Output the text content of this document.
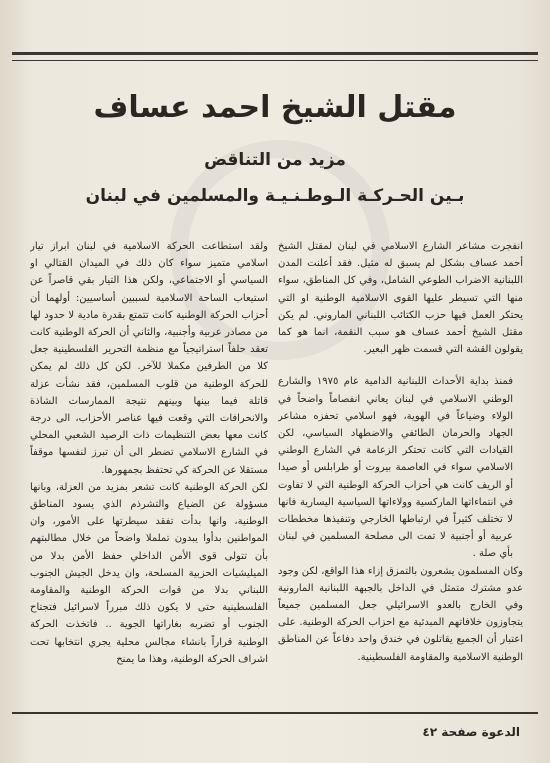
مقتل الشيخ احمد عساف
مزيد من التناقض
بـين الحـركـة الـوطـنـيـة والمسلمين في لبنان

انفجرت مشاعر الشارع الاسلامي في لبنان لمقتل الشيخ أحمد عساف بشكل لم يسبق له مثيل. فقد أعلنت المدن اللبنانية الاضراب الطوعي الشامل، وفي كل المناطق، سواء منها التي تسيطر عليها القوى الاسلامية الوطنية او التي يحتكر العمل فيها حزب الكتائب اللبناني الماروني. لم يكن مقتل الشيخ أحمد عساف هو سبب النقمة، انما هو كما يقولون القشة التي قسمت ظهر البعير.

فمنذ بداية الأحداث اللبنانية الدامية عام ١٩٧٥ والشارع الوطني الاسلامي في لبنان يعاني انفصاماً واضحاً في الولاء وضياعاً في الهوية، فهو اسلامي تحفزه مشاعر الجهاد والحرمان الطائفي والاضطهاد السياسي، لكن القيادات التي كانت تحتكر الزعامة في الشارع الوطني الاسلامي سواء في العاصمة بيروت أو طرابلس أو صيدا أو الريف كانت هي أحزاب الحركة الوطنية التي لا تفاوت في انتماءاتها الماركسية وولاءاتها السياسية اليسارية فانها لا تختلف كثيراً في ارتباطها الخارجي وتنفيذها مخططات عربية أو أجنبية لا تمت الى مصلحة المسلمين في لبنان بأي صلة .

وكان المسلمون يشعرون بالتمزق إزاء هذا الواقع، لكن وجود عدو مشترك متمثل في الداخل بالجبهة اللبنانية المارونية وفي الخارج بالعدو الاسرائيلي جعل المسلمين جميعاً يتجاوزون خلافاتهم المبدئية مع احزاب الحركة الوطنية. على اعتبار أن الجميع يقاتلون في خندق واحد دفاعاً عن المناطق الوطنية الاسلامية والمقاومة الفلسطينية.

ولقد استطاعت الحركة الاسلامية في لبنان ابراز تيار اسلامي متميز سواء كان ذلك في الميدان القتالي او السياسي أو الاجتماعي، ولكن هذا التيار بقي قاصراً عن استيعاب الساحة الاسلامية لسببين أساسيين: أولهما أن أحزاب الحركة الوطنية كانت تتمتع بقدرة مادية لا حدود لها من مصادر عربية وأجنبية، والثاني أن الحركة الوطنية كانت تعقد حلفاً استراتيجياً مع منظمة التحرير الفلسطينية جعل كلا من الطرفين مكملا للآخر. لكن كل ذلك لم يمكن للحركة الوطنية من قلوب المسلمين، فقد نشأت عزلة قاتلة فيما بينها وبينهم نتيجة الممارسات الشاذة والانحرافات التي وقعت فيها عناصر الأحزاب، الى درجة كانت معها بعض التنظيمات ذات الرصيد الشعبي المحلي في الشارع الاسلامي تضطر الى أن تبرز لنفسها موقفاً مستقلا عن الحركة كي تحتفظ بجمهورها.

لكن الحركة الوطنية كانت تشعر بمزيد من العزلة، وبانها مسؤولة عن الضياع والتشرذم الذي يسود المناطق الوطنية، وانها بدأت تفقد سيطرتها على الأمور، وان المواطنين بدأوا يبدون تململا واضحاً من خلال مطالبتهم بأن تتولى قوى الأمن الداخلي حفظ الأمن بدلا من الميليشيات الحزبية المسلحة، وان يدخل الجيش الجنوب اللبناني بدلا من قوات الحركة الوطنية والمقاومة الفلسطينية حتى لا يكون ذلك مبرراً لاسرائيل فتجتاح الجنوب أو تضربه بغاراتها الجوية .. فاتخذت الحركة الوطنية قراراً بانشاء مجالس محلية يجري انتخابها تحت اشراف الحركة الوطنية، وهذا ما يمنح

الدعوة صفحة ٤٢
